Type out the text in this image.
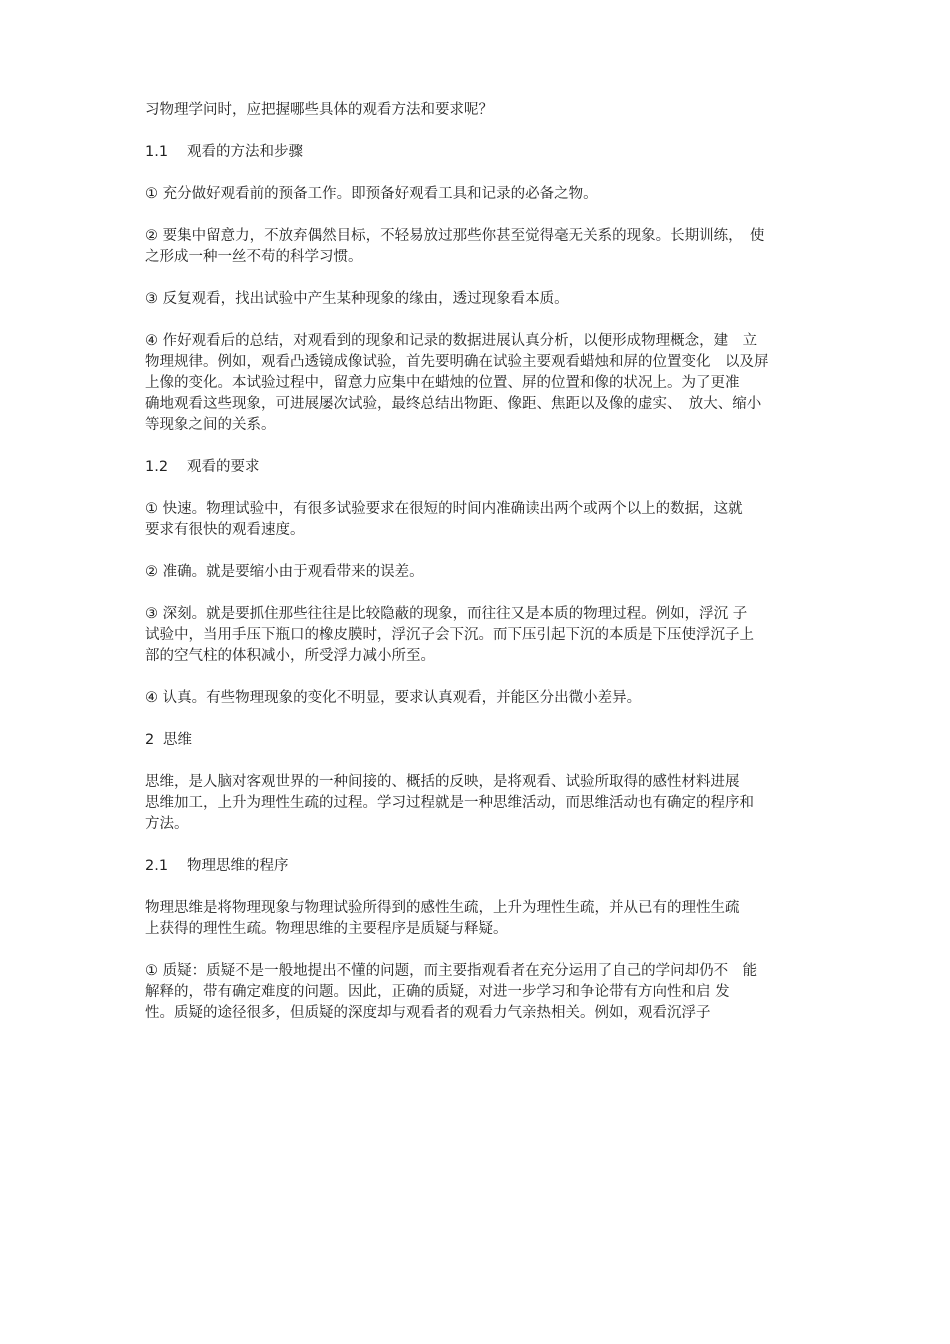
习物理学问时，应把握哪些具体的观看方法和要求呢？

1.1 观看的方法和步骤

① 充分做好观看前的预备工作。即预备好观看工具和记录的必备之物。

② 要集中留意力，不放弃偶然目标，不轻易放过那些你甚至觉得毫无关系的现象。长期训练，　使
之形成一种一丝不苟的科学习惯。

③ 反复观看，找出试验中产生某种现象的缘由，透过现象看本质。

④ 作好观看后的总结，对观看到的现象和记录的数据进展认真分析，以便形成物理概念，建　立
物理规律。例如，观看凸透镜成像试验，首先要明确在试验主要观看蜡烛和屏的位置变化　以及屏
上像的变化。本试验过程中，留意力应集中在蜡烛的位置、屏的位置和像的状况上。为了更准
确地观看这些现象，可进展屡次试验，最终总结出物距、像距、焦距以及像的虚实、　放大、缩小
等现象之间的关系。

1.2 观看的要求

① 快速。物理试验中，有很多试验要求在很短的时间内准确读出两个或两个以上的数据，这就
要求有很快的观看速度。

② 准确。就是要缩小由于观看带来的误差。

③ 深刻。就是要抓住那些往往是比较隐蔽的现象，而往往又是本质的物理过程。例如，浮沉 子
试验中，当用手压下瓶口的橡皮膜时，浮沉子会下沉。而下压引起下沉的本质是下压使浮沉子上
部的空气柱的体积减小，所受浮力减小所至。

④ 认真。有些物理现象的变化不明显，要求认真观看，并能区分出微小差异。

2 思维

思维，是人脑对客观世界的一种间接的、概括的反映，是将观看、试验所取得的感性材料进展
思维加工，上升为理性生疏的过程。学习过程就是一种思维活动，而思维活动也有确定的程序和
方法。

2.1 物理思维的程序

物理思维是将物理现象与物理试验所得到的感性生疏，上升为理性生疏，并从已有的理性生疏
上获得的理性生疏。物理思维的主要程序是质疑与释疑。

① 质疑：质疑不是一般地提出不懂的问题，而主要指观看者在充分运用了自己的学问却仍不　能
解释的，带有确定难度的问题。因此，正确的质疑，对进一步学习和争论带有方向性和启 发
性。质疑的途径很多，但质疑的深度却与观看者的观看力气亲热相关。例如，观看沉浮子
